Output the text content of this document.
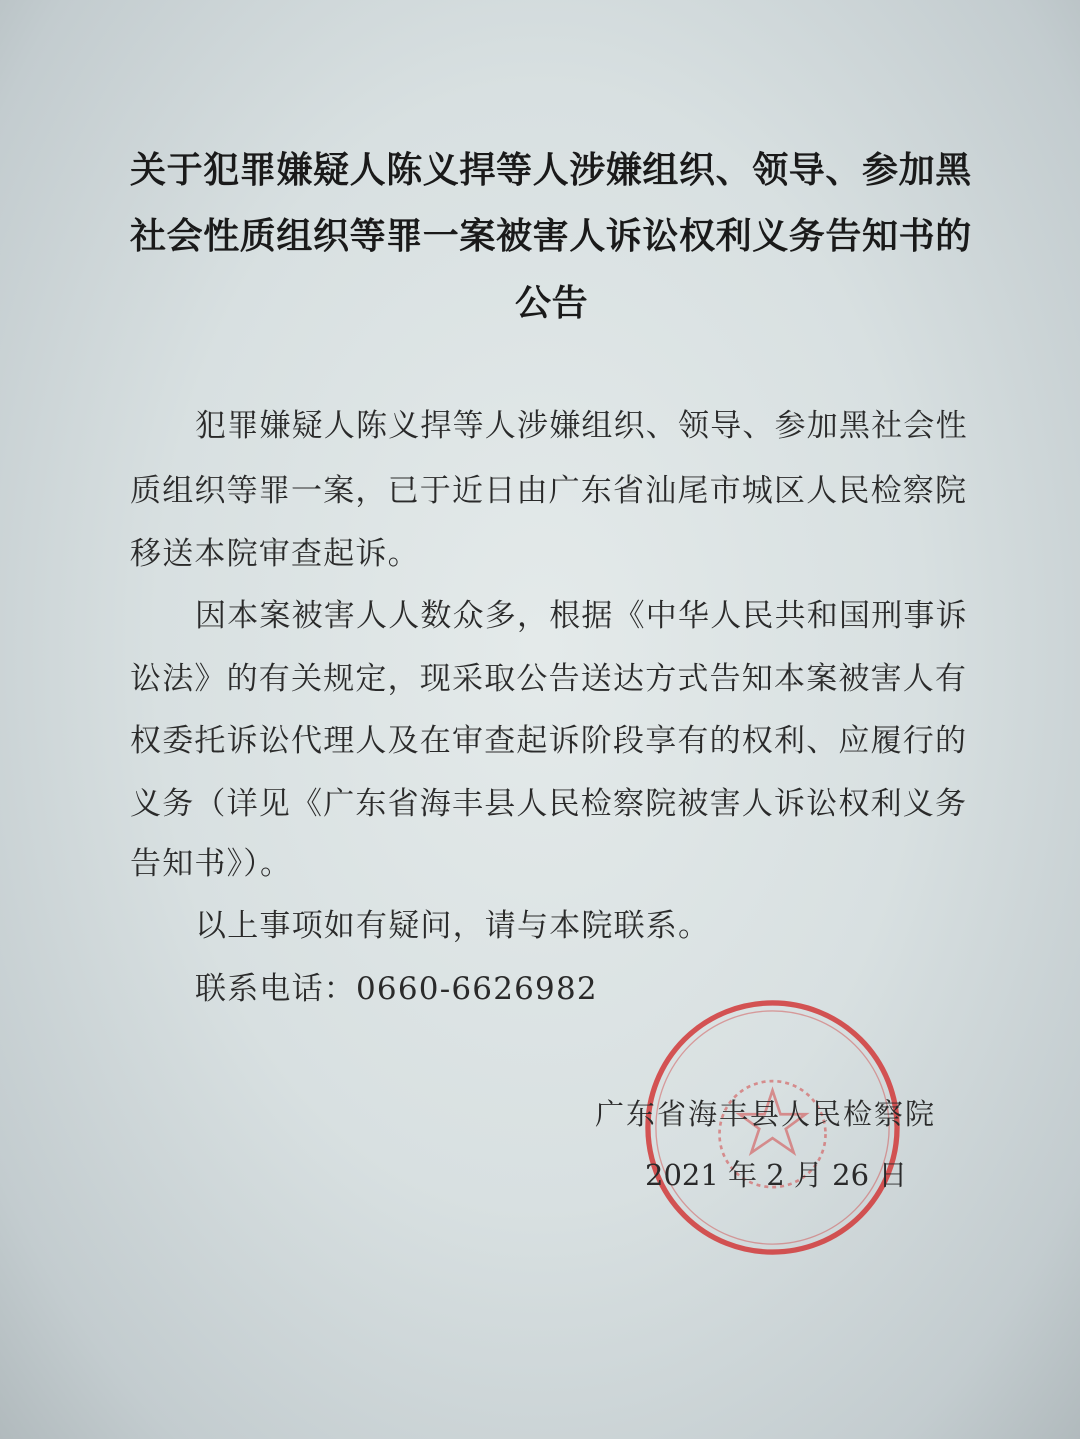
关于犯罪嫌疑人陈义捍等人涉嫌组织、领导、参加黑
社会性质组织等罪一案被害人诉讼权利义务告知书的
公告
犯罪嫌疑人陈义捍等人涉嫌组织、领导、参加黑社会性
质组织等罪一案，已于近日由广东省汕尾市城区人民检察院
移送本院审查起诉。
因本案被害人人数众多，根据《中华人民共和国刑事诉
讼法》的有关规定，现采取公告送达方式告知本案被害人有
权委托诉讼代理人及在审查起诉阶段享有的权利、应履行的
义务（详见《广东省海丰县人民检察院被害人诉讼权利义务
告知书》）。
以上事项如有疑问，请与本院联系。
联系电话：0660-6626982
广东省海丰县人民检察院
2021 年 2 月 26 日
